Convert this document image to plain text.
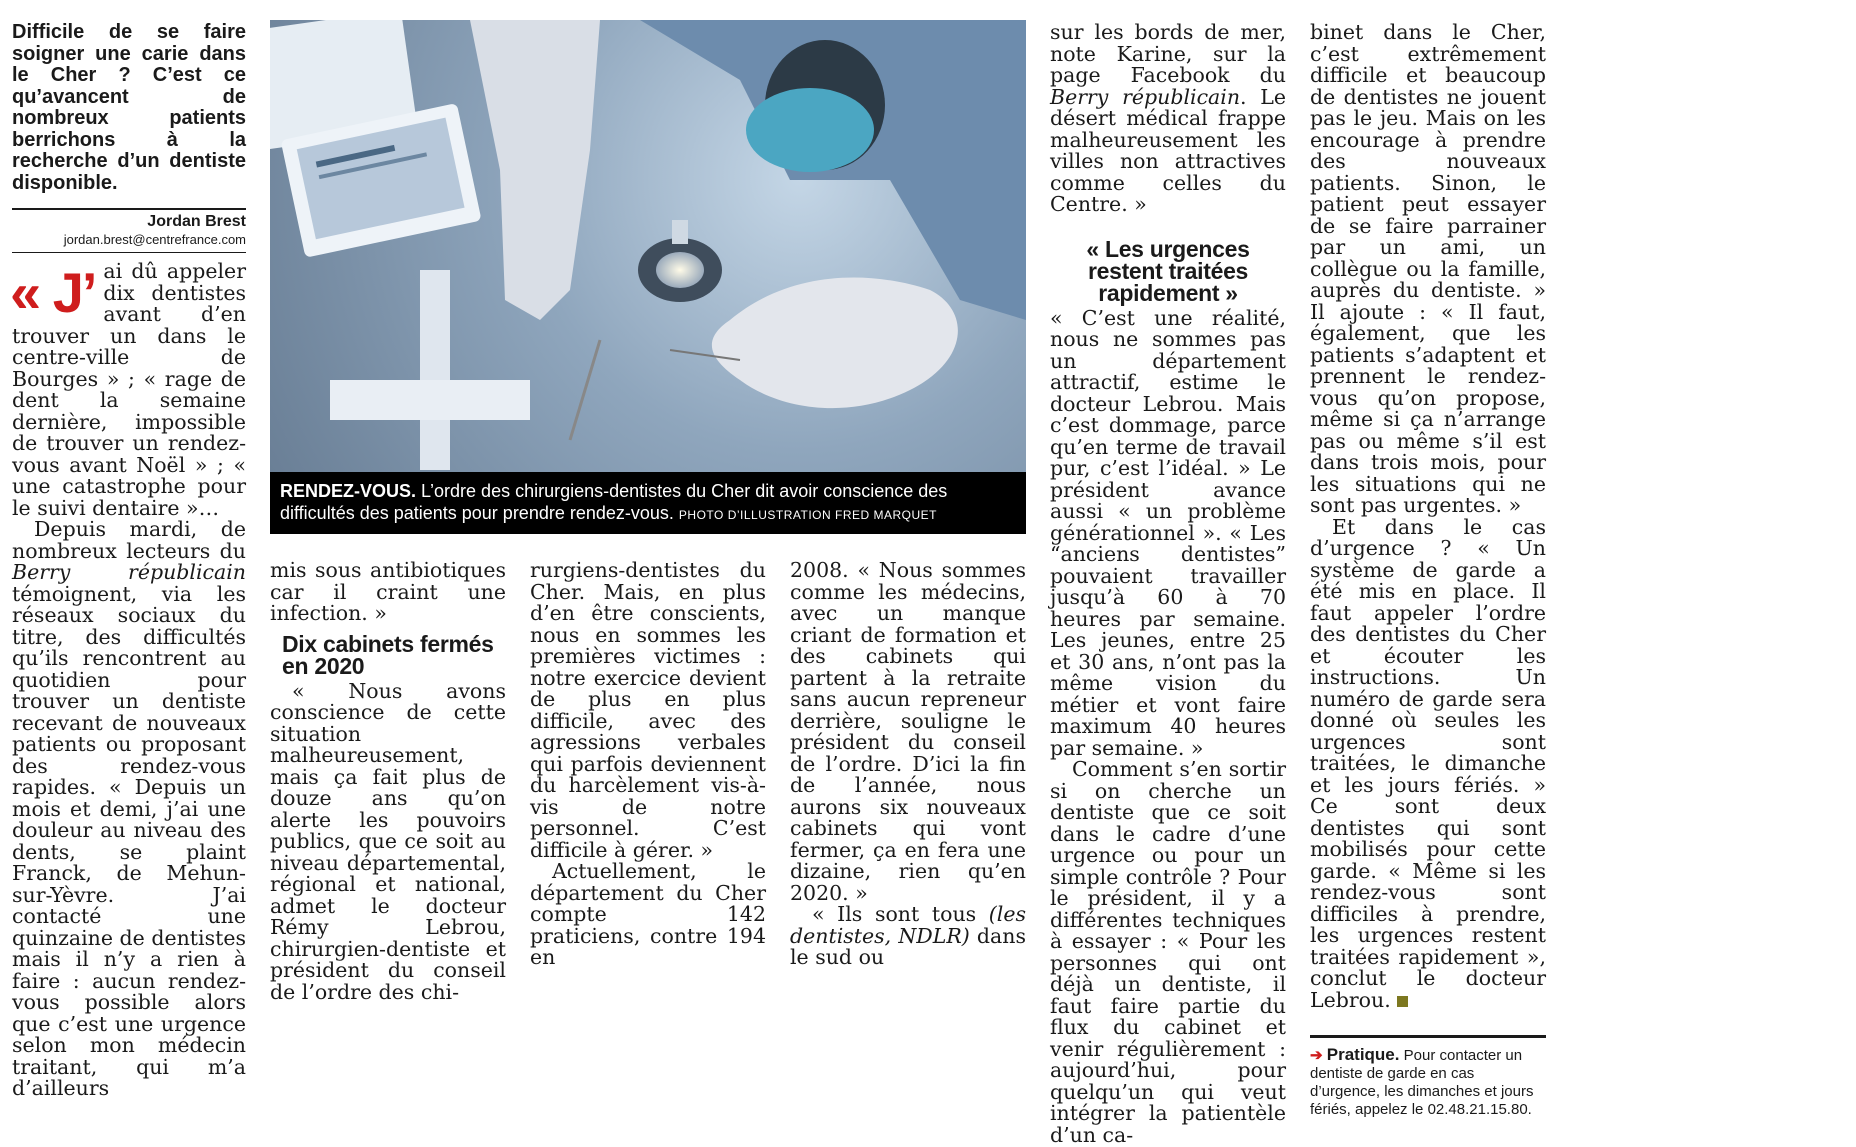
Difficile de se faire soigner une carie dans le Cher ? C’est ce qu’avancent de nombreux patients berrichons à la recherche d’un dentiste disponible.

Jordan Brest
jordan.brest@centrefrance.com
« J’ ai dû appeler dix dentistes avant d’en trouver un dans le centre-ville de Bourges » ; « rage de dent la semaine dernière, impossible de trouver un rendez-vous avant Noël » ; « une catastrophe pour le suivi dentaire »…

Depuis mardi, de nombreux lecteurs du Berry républicain témoignent, via les réseaux sociaux du titre, des difficultés qu’ils rencontrent au quotidien pour trouver un dentiste recevant de nouveaux patients ou proposant des rendez-vous rapides. « Depuis un mois et demi, j’ai une douleur au niveau des dents, se plaint Franck, de Mehun-sur-Yèvre. J’ai contacté une quinzaine de dentistes mais il n’y a rien à faire : aucun rendez-vous possible alors que c’est une urgence selon mon médecin traitant, qui m’a d’ailleurs

RENDEZ-VOUS. L’ordre des chirurgiens-dentistes du Cher dit avoir conscience des difficultés des patients pour prendre rendez-vous. PHOTO D’ILLUSTRATION FRED MARQUET

mis sous antibiotiques car il craint une infection. »

Dix cabinets fermés en 2020

« Nous avons conscience de cette situation malheureusement, mais ça fait plus de douze ans qu’on alerte les pouvoirs publics, que ce soit au niveau départemental, régional et national, admet le docteur Rémy Lebrou, chirurgien-dentiste et président du conseil de l’ordre des chi-

rurgiens-dentistes du Cher. Mais, en plus d’en être conscients, nous en sommes les premières victimes : notre exercice devient de plus en plus difficile, avec des agressions verbales qui parfois deviennent du harcèlement vis-à-vis de notre personnel. C’est difficile à gérer. »

Actuellement, le département du Cher compte 142 praticiens, contre 194 en

2008. « Nous sommes comme les médecins, avec un manque criant de formation et des cabinets qui partent à la retraite sans aucun repreneur derrière, souligne le président du conseil de l’ordre. D’ici la fin de l’année, nous aurons six nouveaux cabinets qui vont fermer, ça en fera une dizaine, rien qu’en 2020. »

« Ils sont tous (les dentistes, NDLR) dans le sud ou

sur les bords de mer, note Karine, sur la page Facebook du Berry républicain. Le désert médical frappe malheureusement les villes non attractives comme celles du Centre. »

« Les urgences restent traitées rapidement »

« C’est une réalité, nous ne sommes pas un département attractif, estime le docteur Lebrou. Mais c’est dommage, parce qu’en terme de travail pur, c’est l’idéal. » Le président avance aussi « un problème générationnel ». « Les “anciens dentistes” pouvaient travailler jusqu’à 60 à 70 heures par semaine. Les jeunes, entre 25 et 30 ans, n’ont pas la même vision du métier et vont faire maximum 40 heures par semaine. »

Comment s’en sortir si on cherche un dentiste que ce soit dans le cadre d’une urgence ou pour un simple contrôle ? Pour le président, il y a différentes techniques à essayer : « Pour les personnes qui ont déjà un dentiste, il faut faire partie du flux du cabinet et venir régulièrement : aujourd’hui, pour quelqu’un qui veut intégrer la patientèle d’un ca-

binet dans le Cher, c’est extrêmement difficile et beaucoup de dentistes ne jouent pas le jeu. Mais on les encourage à prendre des nouveaux patients. Sinon, le patient peut essayer de se faire parrainer par un ami, un collègue ou la famille, auprès du dentiste. » Il ajoute : « Il faut, également, que les patients s’adaptent et prennent le rendez-vous qu’on propose, même si ça n’arrange pas ou même s’il est dans trois mois, pour les situations qui ne sont pas urgentes. »

Et dans le cas d’urgence ? « Un système de garde a été mis en place. Il faut appeler l’ordre des dentistes du Cher et écouter les instructions. Un numéro de garde sera donné où seules les urgences sont traitées, le dimanche et les jours fériés. » Ce sont deux dentistes qui sont mobilisés pour cette garde. « Même si les rendez-vous sont difficiles à prendre, les urgences restent traitées rapidement », conclut le docteur Lebrou.

➔ Pratique. Pour contacter un dentiste de garde en cas d’urgence, les dimanches et jours fériés, appelez le 02.48.21.15.80.
